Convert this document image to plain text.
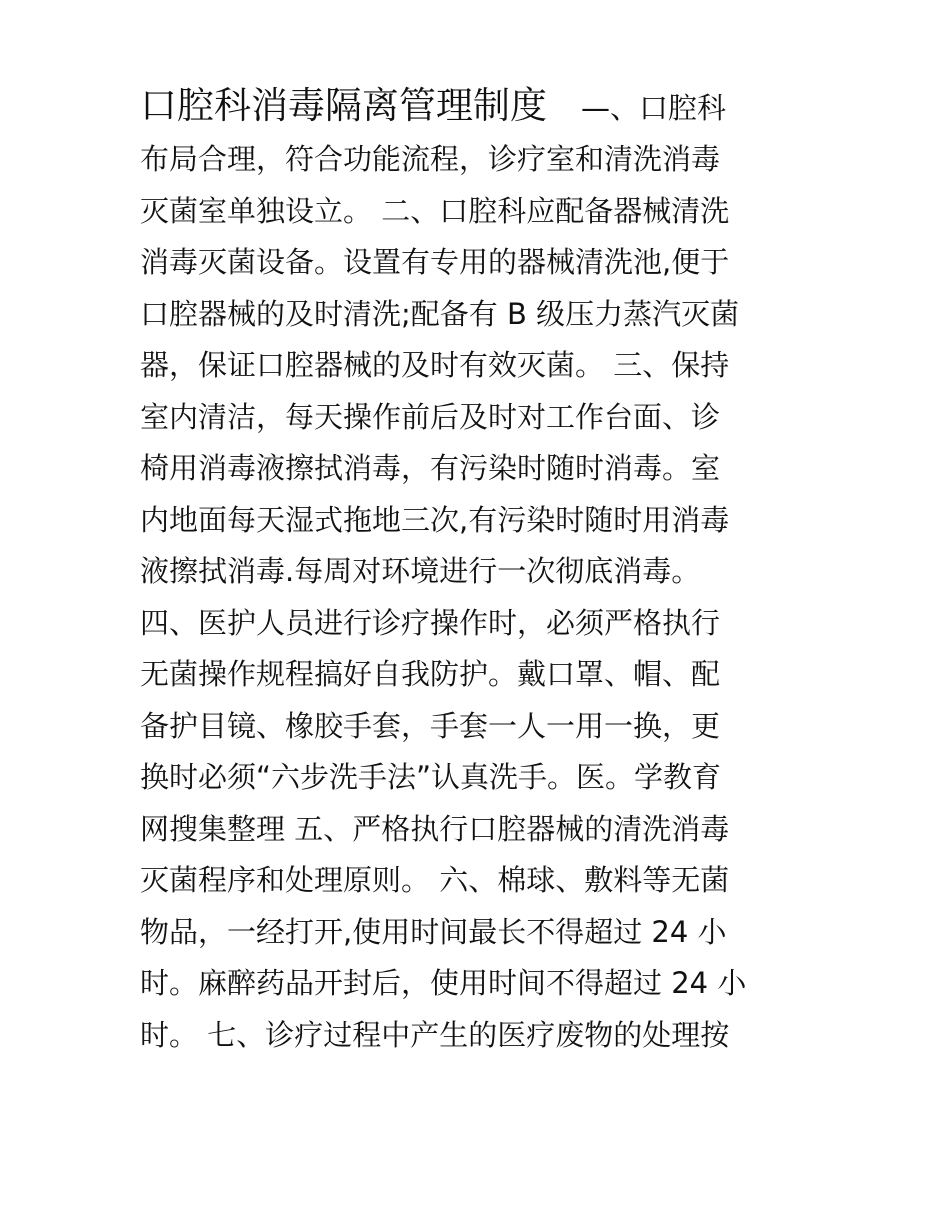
口腔科消毒隔离管理制度 —、口腔科
布局合理，符合功能流程，诊疗室和清洗消毒
灭菌室单独设立。 二、口腔科应配备器械清洗
消毒灭菌设备。设置有专用的器械清洗池,便于
口腔器械的及时清洗;配备有 B 级压力蒸汽灭菌
器，保证口腔器械的及时有效灭菌。 三、保持
室内清洁，每天操作前后及时对工作台面、诊
椅用消毒液擦拭消毒，有污染时随时消毒。室
内地面每天湿式拖地三次,有污染时随时用消毒
液擦拭消毒.每周对环境进行一次彻底消毒。
四、医护人员进行诊疗操作时，必须严格执行
无菌操作规程搞好自我防护。戴口罩、帽、配
备护目镜、橡胶手套，手套一人一用一换，更
换时必须“六步洗手法”认真洗手。医。学教育
网搜集整理 五、严格执行口腔器械的清洗消毒
灭菌程序和处理原则。 六、棉球、敷料等无菌
物品，一经打开,使用时间最长不得超过 24 小
时。麻醉药品开封后，使用时间不得超过 24 小
时。 七、诊疗过程中产生的医疗废物的处理按
